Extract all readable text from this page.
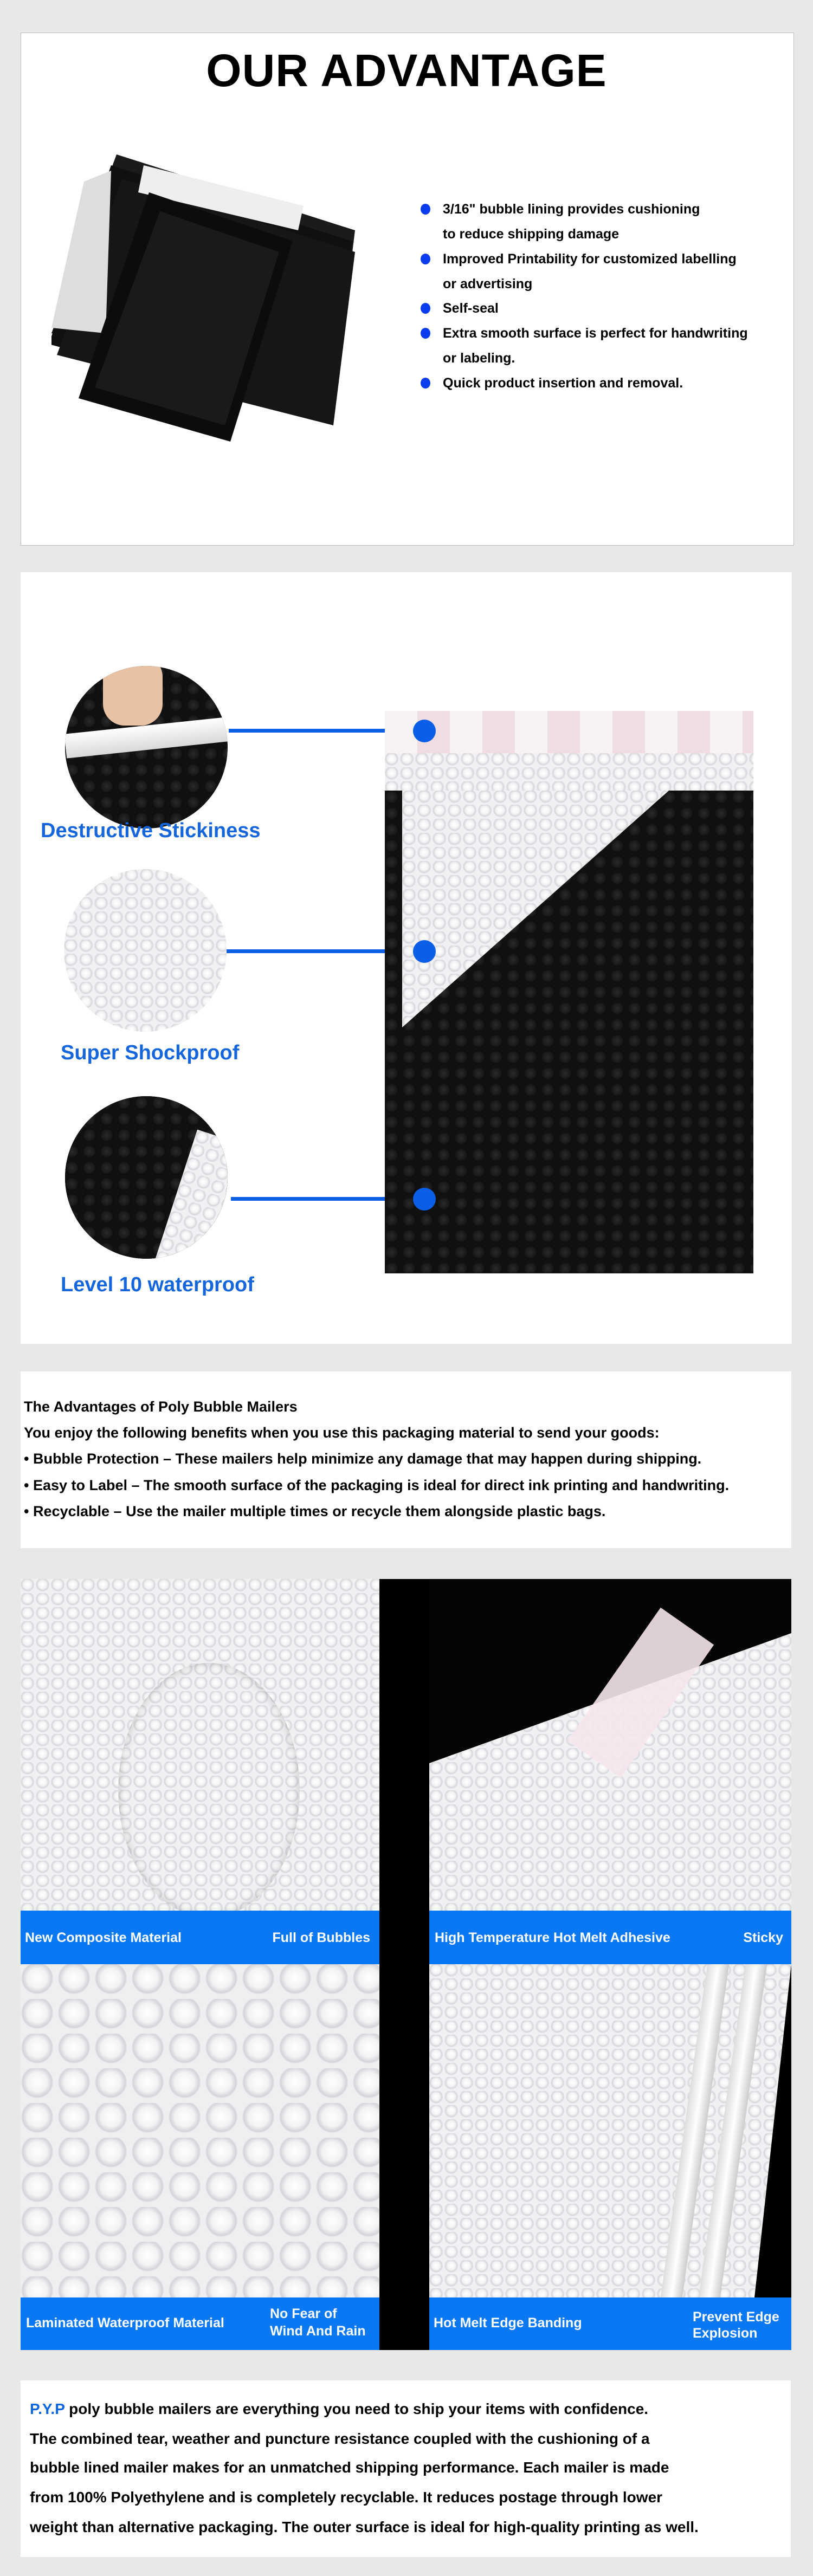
OUR ADVANTAGE
3/16" bubble lining provides cushioning
to reduce shipping damage
Improved Printability for customized labelling
or advertising
Self-seal
Extra smooth surface is perfect for handwriting
or labeling.
Quick product insertion and removal.
Destructive Stickiness
Super Shockproof
Level 10 waterproof
The Advantages of Poly Bubble Mailers
You enjoy the following benefits when you use this packaging material to send your goods:
• Bubble Protection – These mailers help minimize any damage that may happen during shipping.
• Easy to Label – The smooth surface of the packaging is ideal for direct ink printing and handwriting.
• Recyclable – Use the mailer multiple times or recycle them alongside plastic bags.
New Composite Material	Full of Bubbles	High Temperature Hot Melt Adhesive	Sticky
Laminated Waterproof Material
No Fear of
Wind And Rain
Hot Melt Edge Banding	Prevent Edge
Explosion
P.Y.P poly bubble mailers are everything you need to ship your items with confidence.
The combined tear, weather and puncture resistance coupled with the cushioning of a
bubble lined mailer makes for an unmatched shipping performance. Each mailer is made
from 100% Polyethylene and is completely recyclable. It reduces postage through lower
weight than alternative packaging. The outer surface is ideal for high-quality printing as well.
